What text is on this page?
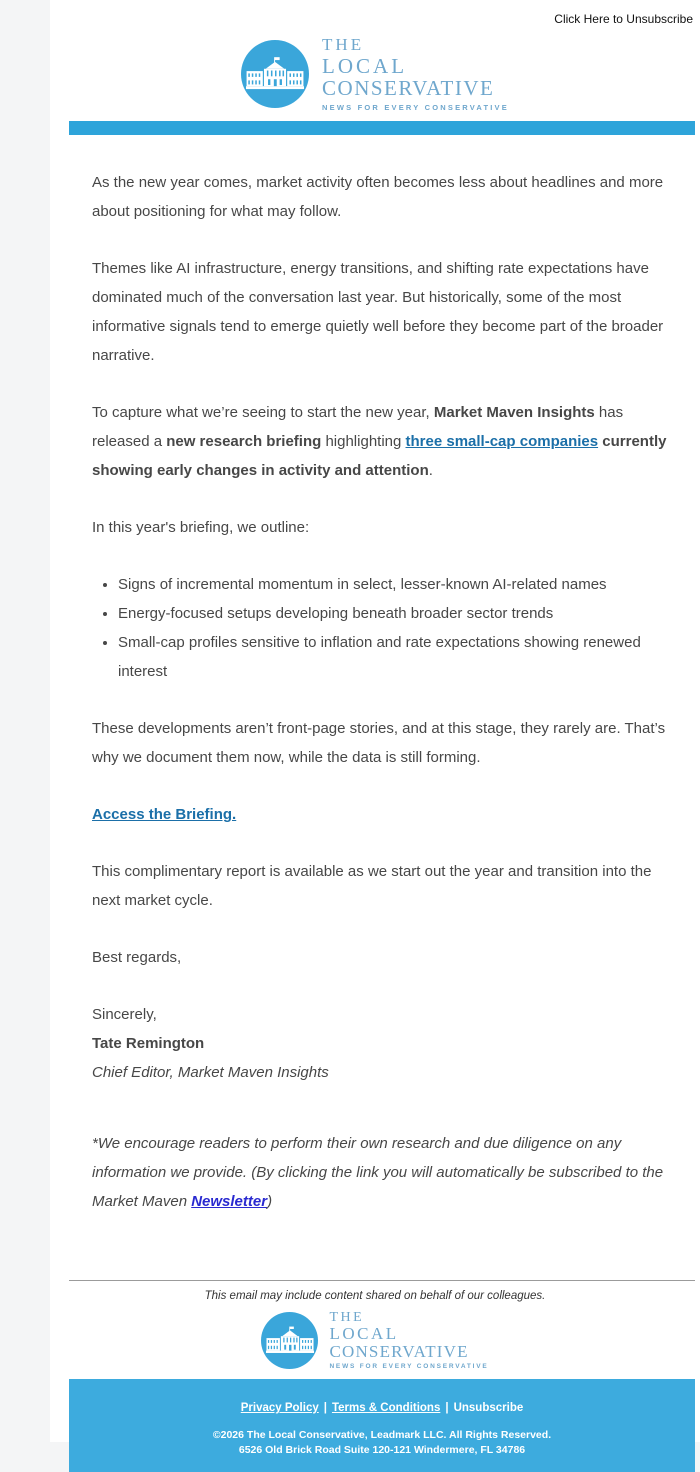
Click Here to Unsubscribe
THE
LOCAL
CONSERVATIVE
NEWS FOR EVERY CONSERVATIVE

As the new year comes, market activity often becomes less about headlines and more about positioning for what may follow.

Themes like AI infrastructure, energy transitions, and shifting rate expectations have dominated much of the conversation last year. But historically, some of the most informative signals tend to emerge quietly well before they become part of the broader narrative.

To capture what we’re seeing to start the new year, Market Maven Insights has released a new research briefing highlighting three small-cap companies currently showing early changes in activity and attention.

In this year's briefing, we outline:

• Signs of incremental momentum in select, lesser-known AI-related names
• Energy-focused setups developing beneath broader sector trends
• Small-cap profiles sensitive to inflation and rate expectations showing renewed interest

These developments aren’t front-page stories, and at this stage, they rarely are. That’s why we document them now, while the data is still forming.

Access the Briefing.

This complimentary report is available as we start out the year and transition into the next market cycle.

Best regards,

Sincerely,
Tate Remington
Chief Editor, Market Maven Insights

*We encourage readers to perform their own research and due diligence on any information we provide. (By clicking the link you will automatically be subscribed to the Market Maven Newsletter)

This email may include content shared on behalf of our colleagues.
THE
LOCAL
CONSERVATIVE
NEWS FOR EVERY CONSERVATIVE
Privacy Policy | Terms & Conditions | Unsubscribe
©2026 The Local Conservative, Leadmark LLC. All Rights Reserved.
6526 Old Brick Road Suite 120-121 Windermere, FL 34786
